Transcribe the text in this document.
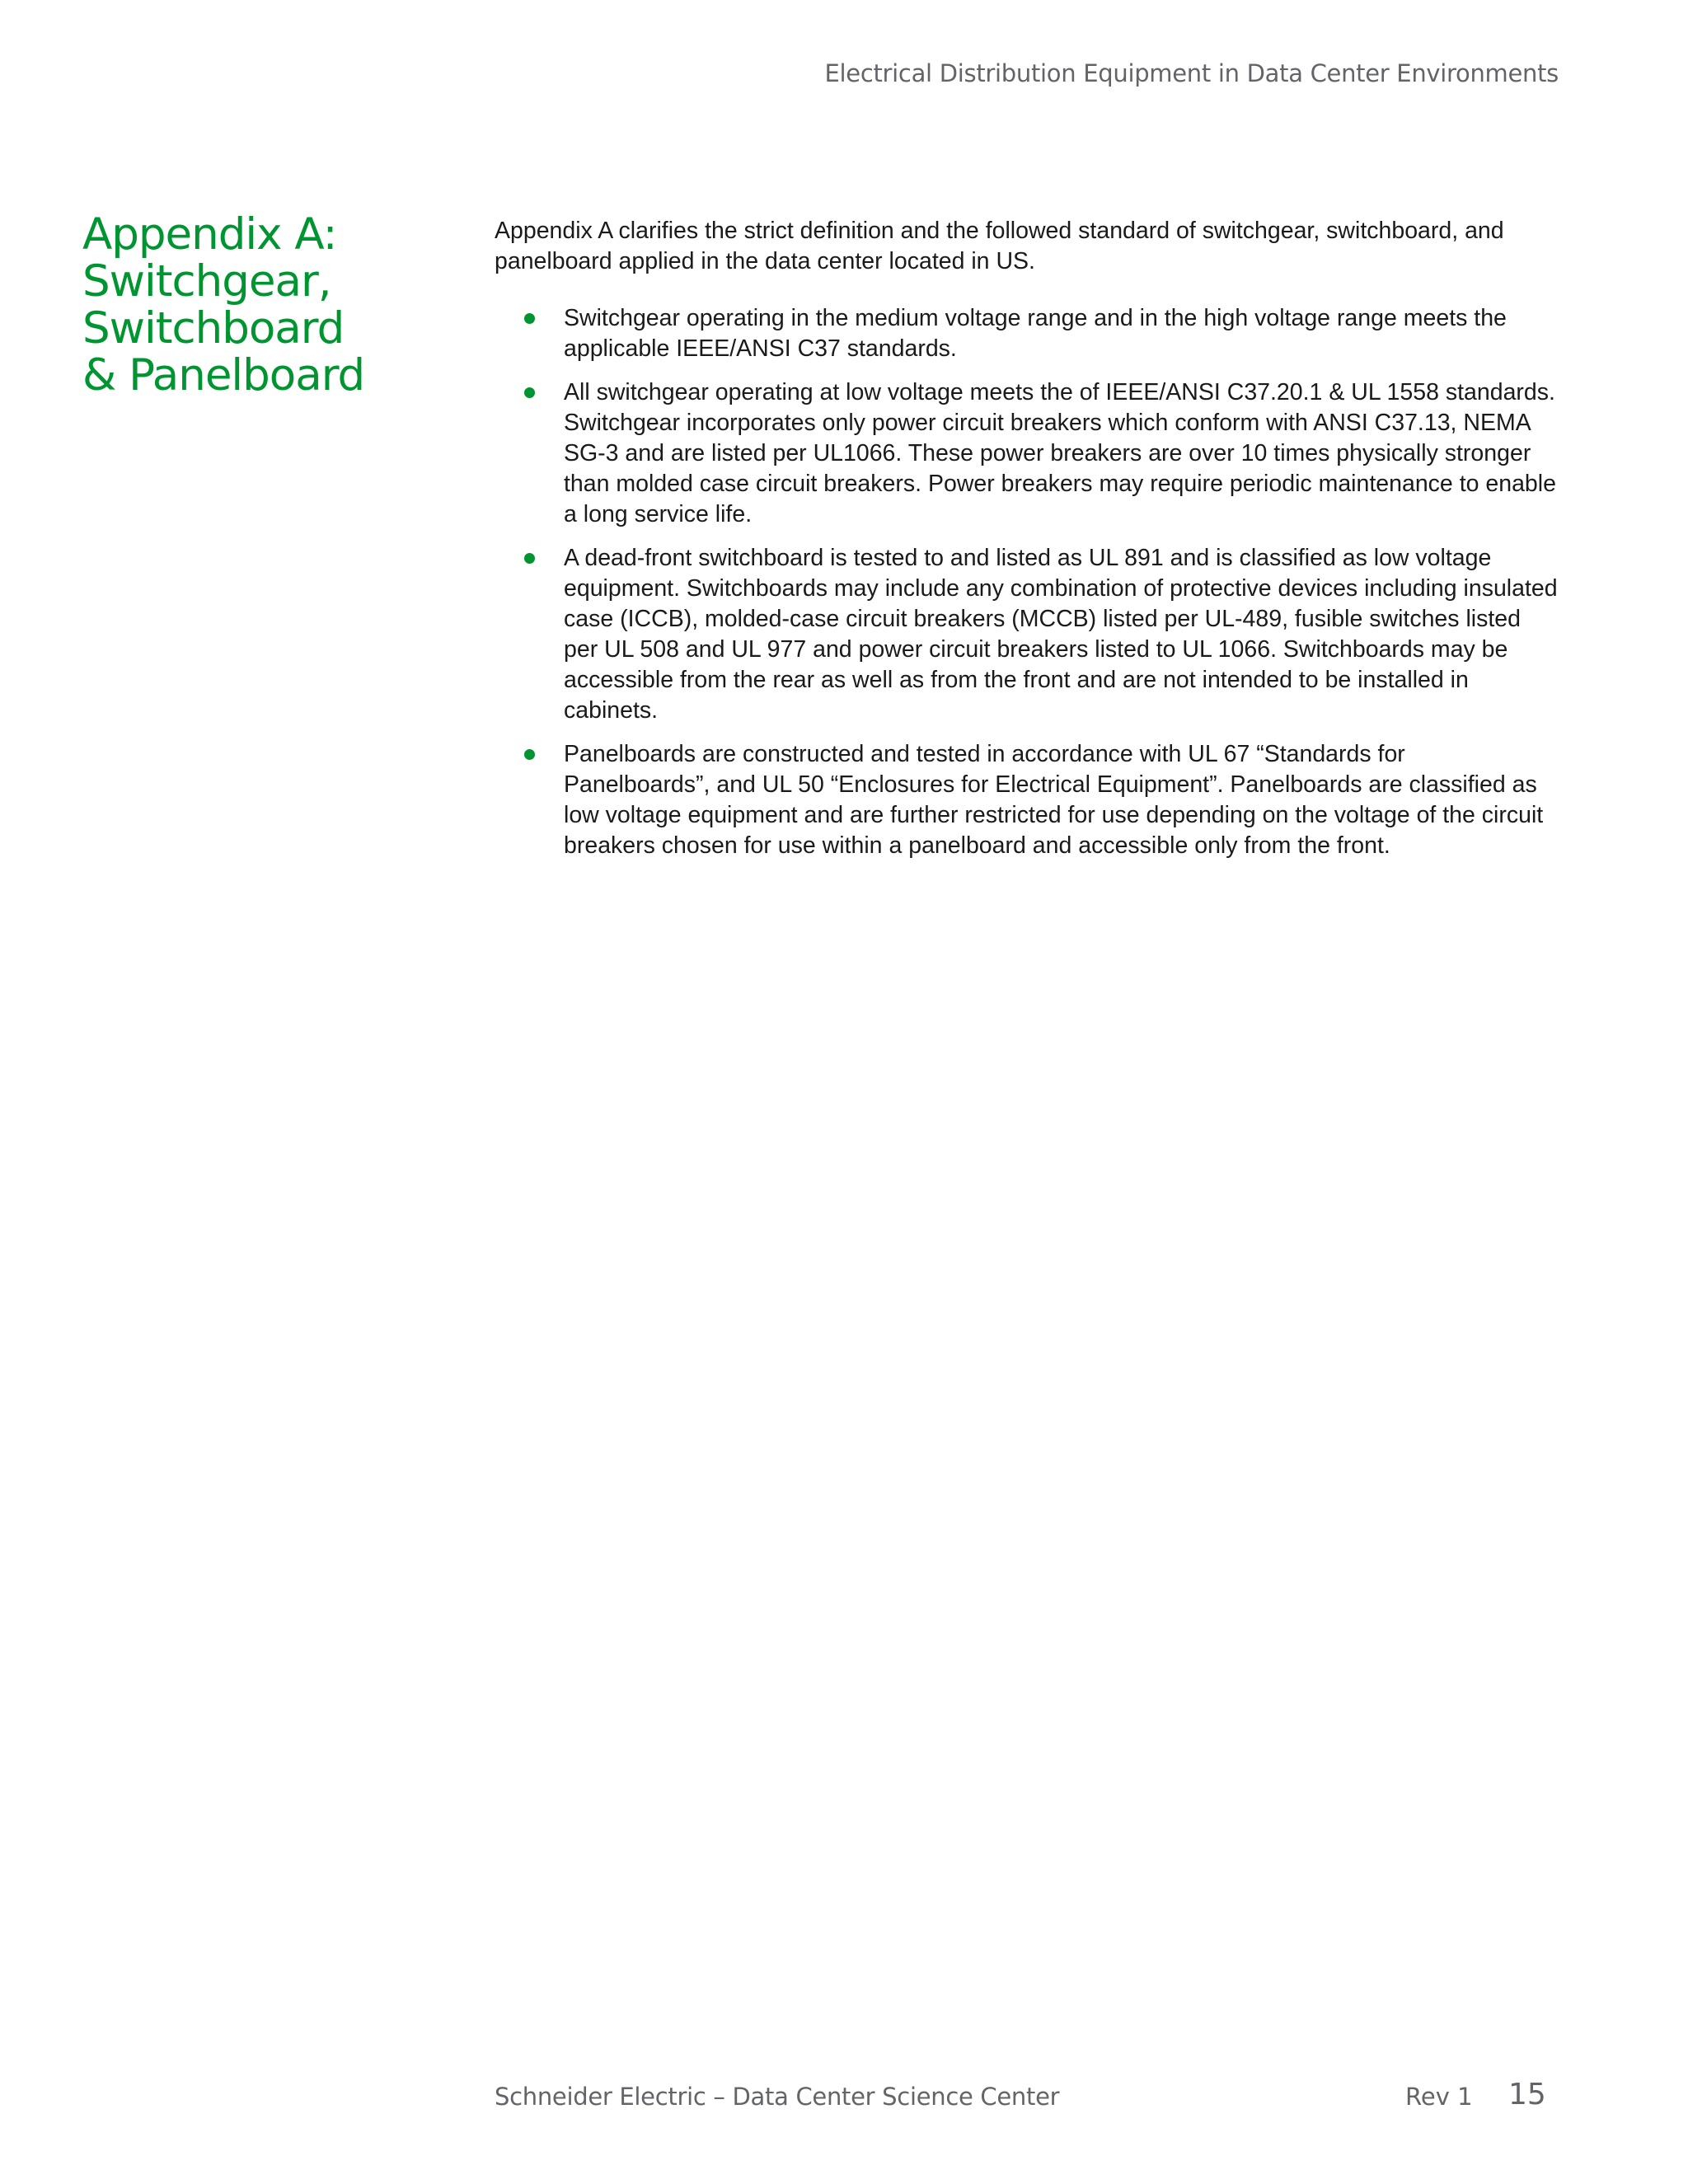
Electrical Distribution Equipment in Data Center Environments
Appendix A:
Switchgear,
Switchboard
& Panelboard

Appendix A clarifies the strict definition and the followed standard of switchgear, switchboard, and panelboard applied in the data center located in US.

Switchgear operating in the medium voltage range and in the high voltage range meets the applicable IEEE/ANSI C37 standards.
All switchgear operating at low voltage meets the of IEEE/ANSI C37.20.1 & UL 1558 standards. Switchgear incorporates only power circuit breakers which conform with ANSI C37.13, NEMA SG-3 and are listed per UL1066. These power breakers are over 10 times physically stronger than molded case circuit breakers. Power breakers may require periodic maintenance to enable a long service life.
A dead-front switchboard is tested to and listed as UL 891 and is classified as low voltage equipment. Switchboards may include any combination of protective devices including insulated case (ICCB), molded-case circuit breakers (MCCB) listed per UL-489, fusible switches listed per UL 508 and UL 977 and power circuit breakers listed to UL 1066. Switchboards may be accessible from the rear as well as from the front and are not intended to be installed in cabinets.
Panelboards are constructed and tested in accordance with UL 67 “Standards for Panelboards”, and UL 50 “Enclosures for Electrical Equipment”. Panelboards are classified as low voltage equipment and are further restricted for use depending on the voltage of the circuit breakers chosen for use within a panelboard and accessible only from the front.
Schneider Electric – Data Center Science Center	Rev 1 15
